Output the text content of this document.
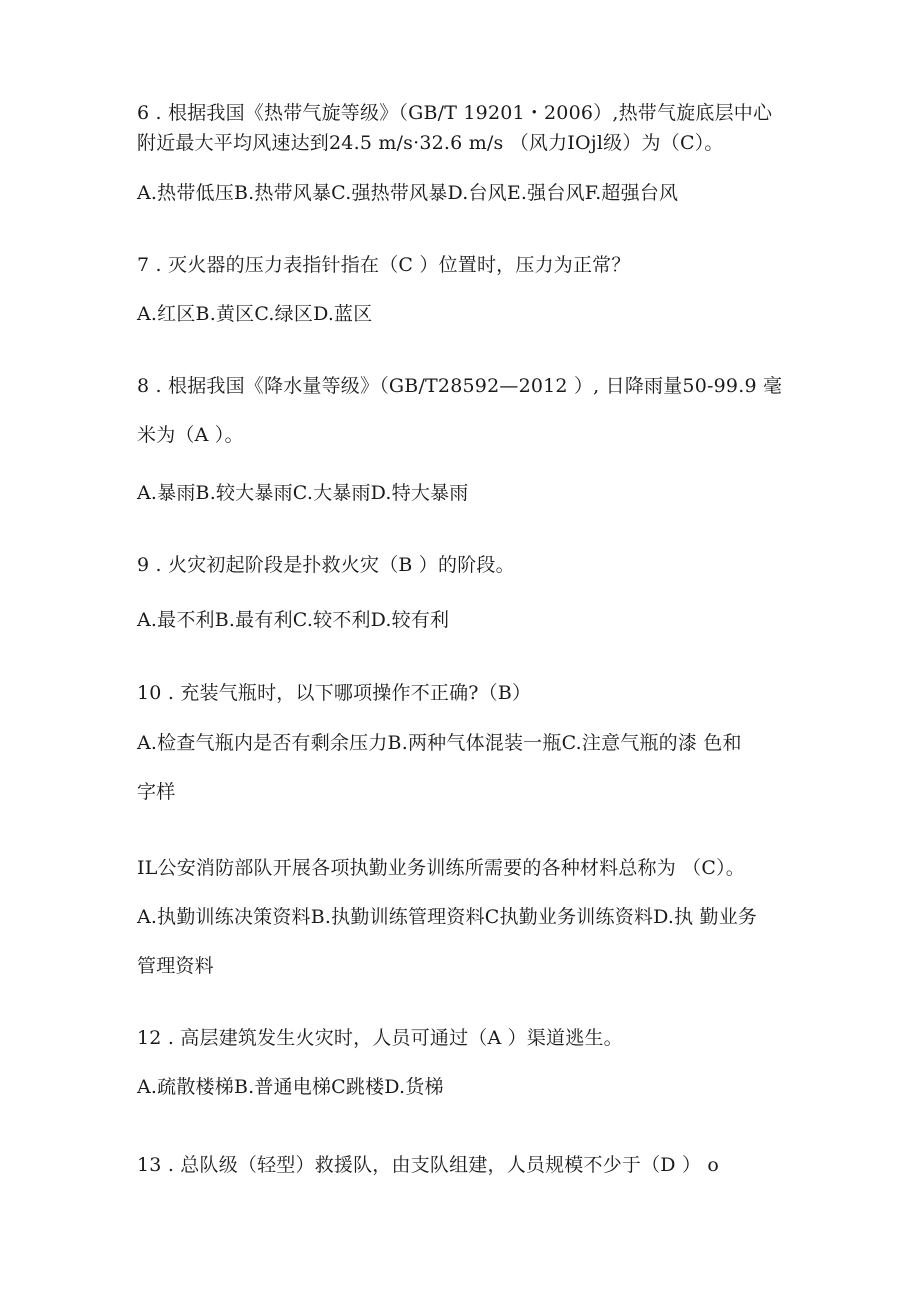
6 . 根据我国《热带气旋等级》（GB/T 19201・2006）,热带气旋底层中心
附近最大平均风速达到24.5 m/s·32.6 m/s （风力IOjl级）为（C）。
A.热带低压B.热带风暴C.强热带风暴D.台风E.强台风F.超强台风
7 . 灭火器的压力表指针指在（C ）位置时，压力为正常？
A.红区B.黄区C.绿区D.蓝区
8 . 根据我国《降水量等级》（GB/T28592—2012 ）, 日降雨量50-99.9 毫
米为（A ）。
A.暴雨B.较大暴雨C.大暴雨D.特大暴雨
9 . 火灾初起阶段是扑救火灾（B ）的阶段。
A.最不利B.最有利C.较不利D.较有利
10 . 充装气瓶时，以下哪项操作不正确?（B）
A.检查气瓶内是否有剩余压力B.两种气体混装一瓶C.注意气瓶的漆 色和
字样
IL公安消防部队开展各项执勤业务训练所需要的各种材料总称为 （C）。
A.执勤训练决策资料B.执勤训练管理资料C执勤业务训练资料D.执 勤业务
管理资料
12 . 高层建筑发生火灾时，人员可通过（A ）渠道逃生。
A.疏散楼梯B.普通电梯C跳楼D.货梯
13 . 总队级（轻型）救援队，由支队组建，人员规模不少于（D ） o
